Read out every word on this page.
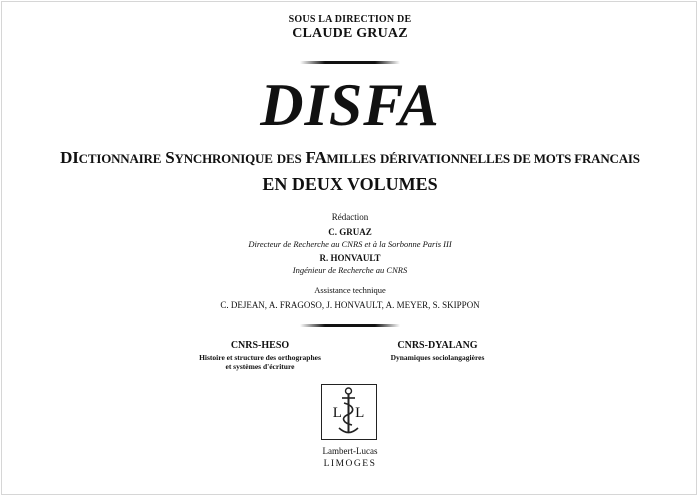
SOUS LA DIRECTION DE
CLAUDE GRUAZ
DISFA
DICTIONNAIRE SYNCHRONIQUE DES FAMILLES DÉRIVATIONNELLES DE MOTS FRANCAIS
EN DEUX VOLUMES
Rédaction
C. GRUAZ
Directeur de Recherche au CNRS et à la Sorbonne Paris III
R. HONVAULT
Ingénieur de Recherche au CNRS
Assistance technique
C. DEJEAN, A. FRAGOSO, J. HONVAULT, A. MEYER, S. SKIPPON
CNRS-HESO
Histoire et structure des orthographes
et systèmes d'écriture
CNRS-DYALANG
Dynamiques sociolangagières
L L
Lambert-Lucas
LIMOGES
